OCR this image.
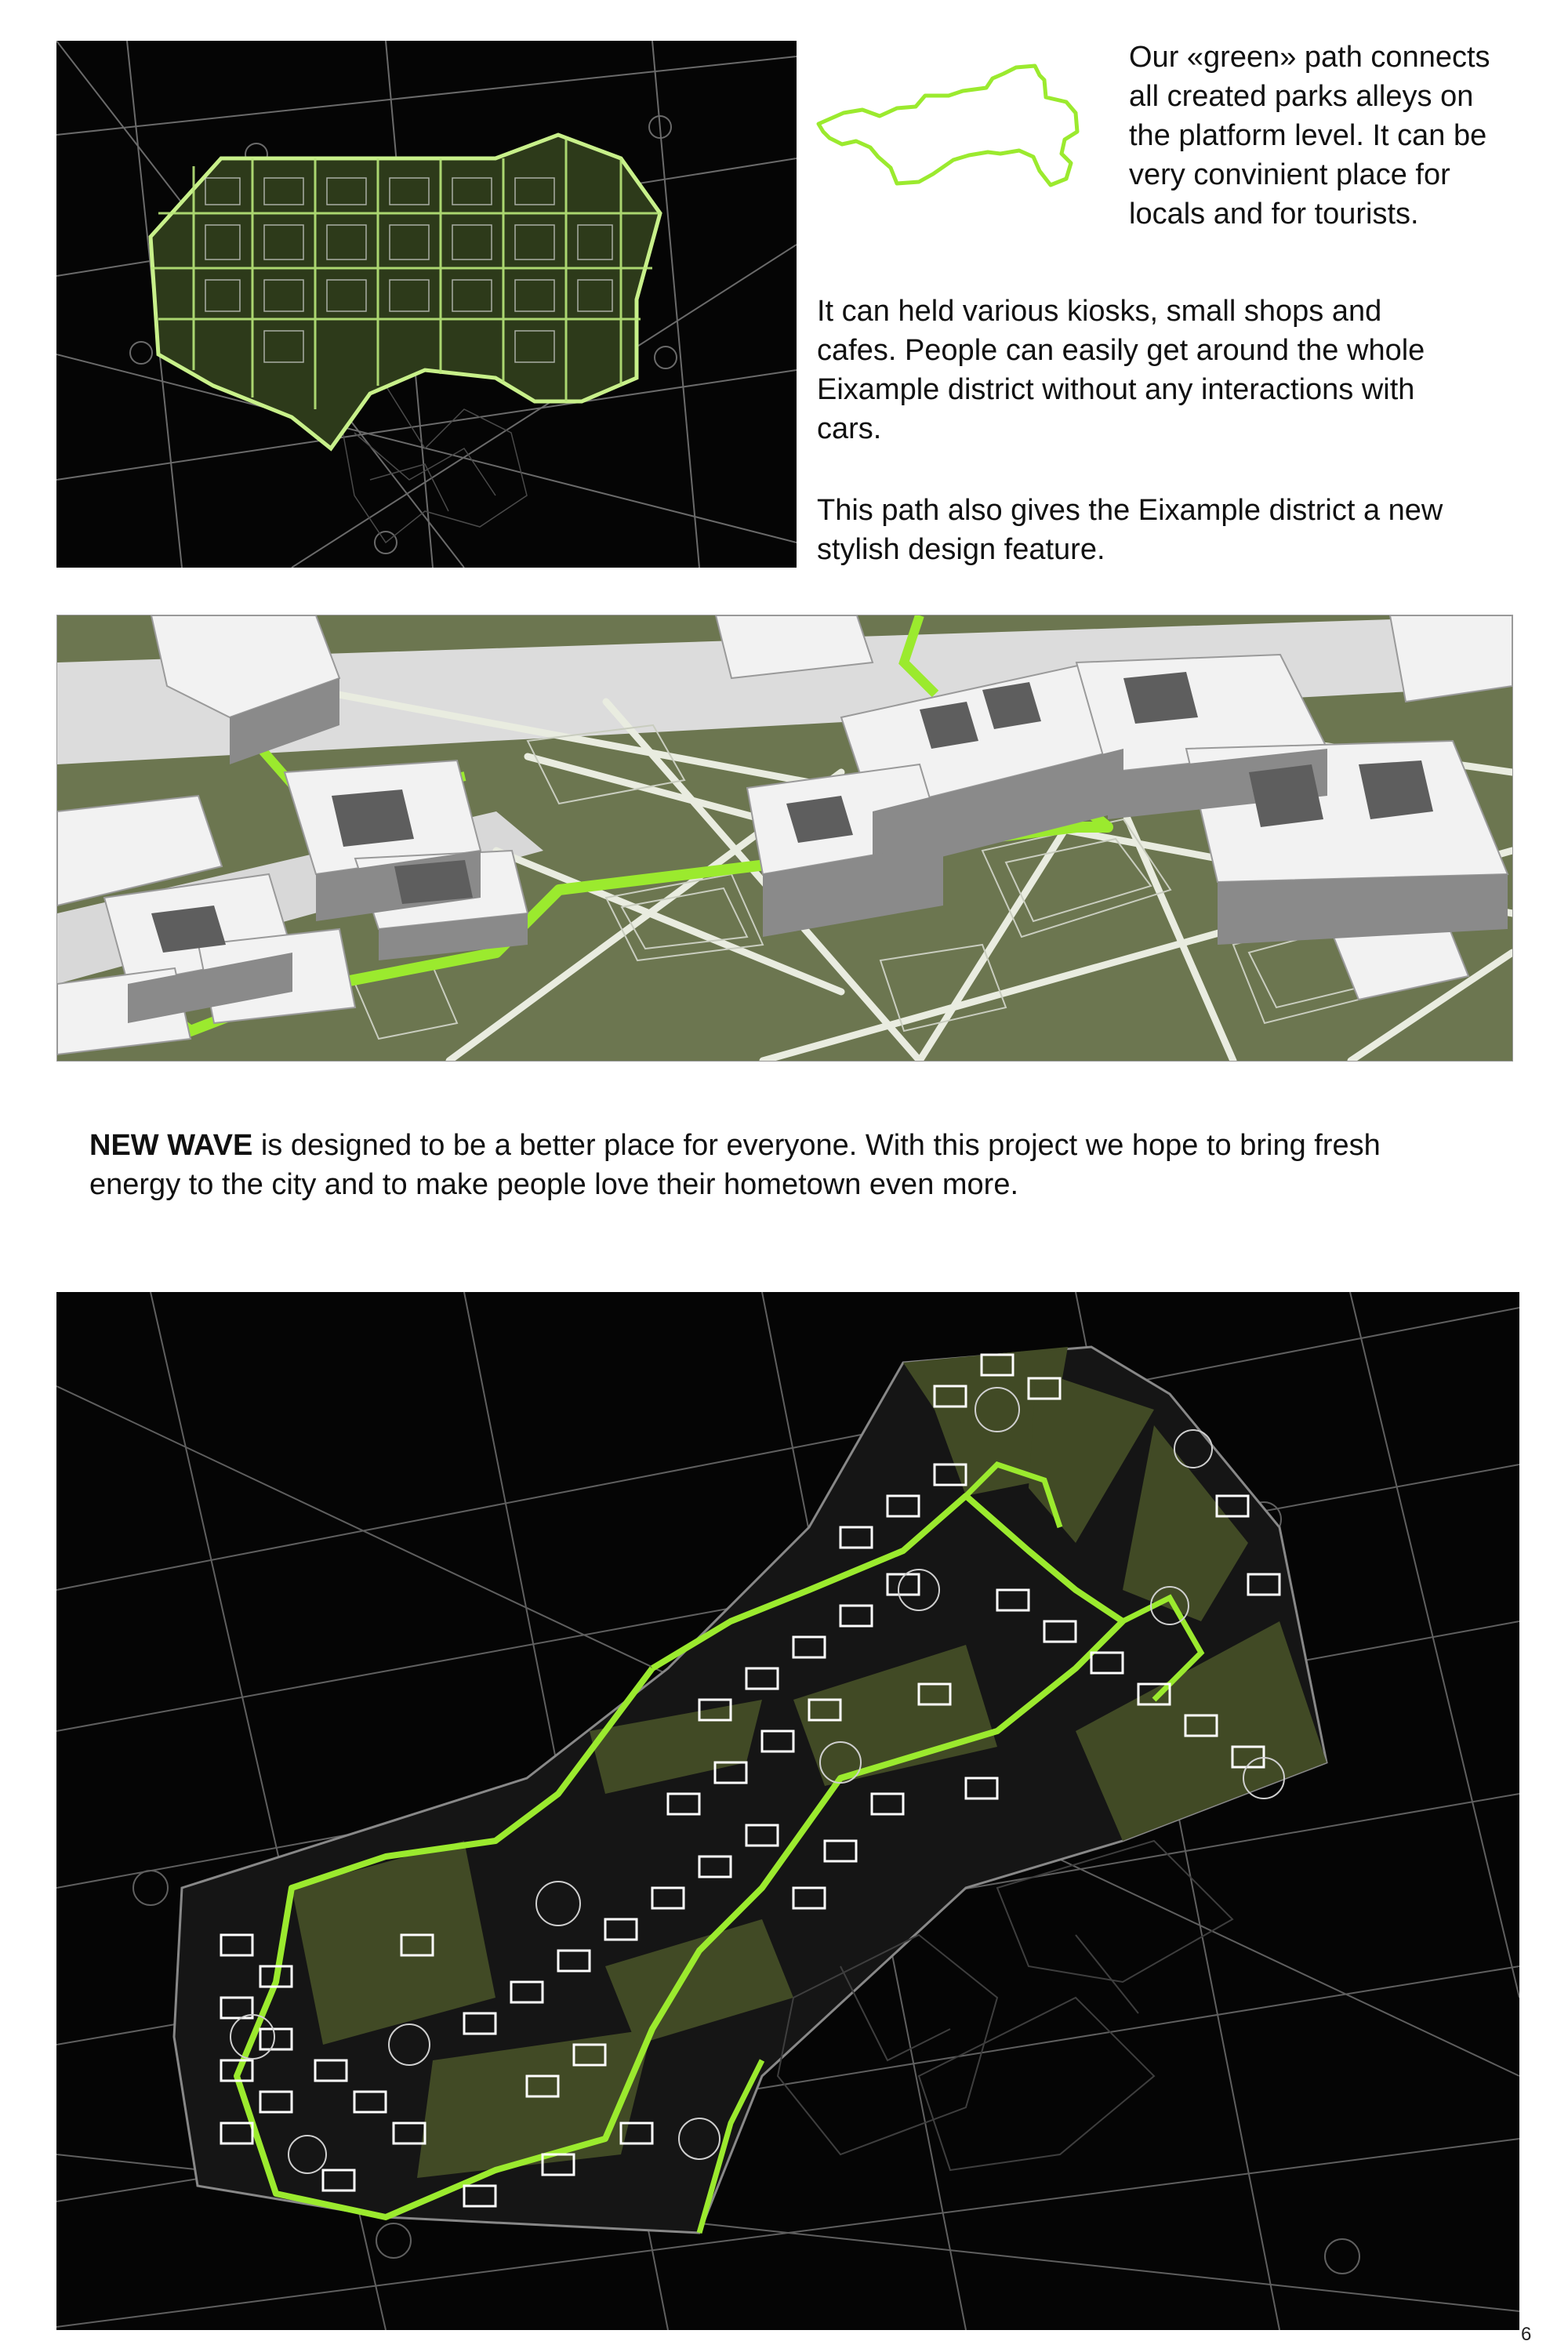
Our «green» path connects
all created parks alleys on
the platform level. It can be
very convinient place for
locals and for tourists.
It can held various kiosks, small shops and
cafes. People can easily get around the whole
Eixample district without any interactions with
cars.
This path also gives the Eixample district a new
stylish design feature.

NEW WAVE is designed to be a better place for everyone. With this project we hope to bring fresh
energy to the city and to make people love their hometown even more.

6
